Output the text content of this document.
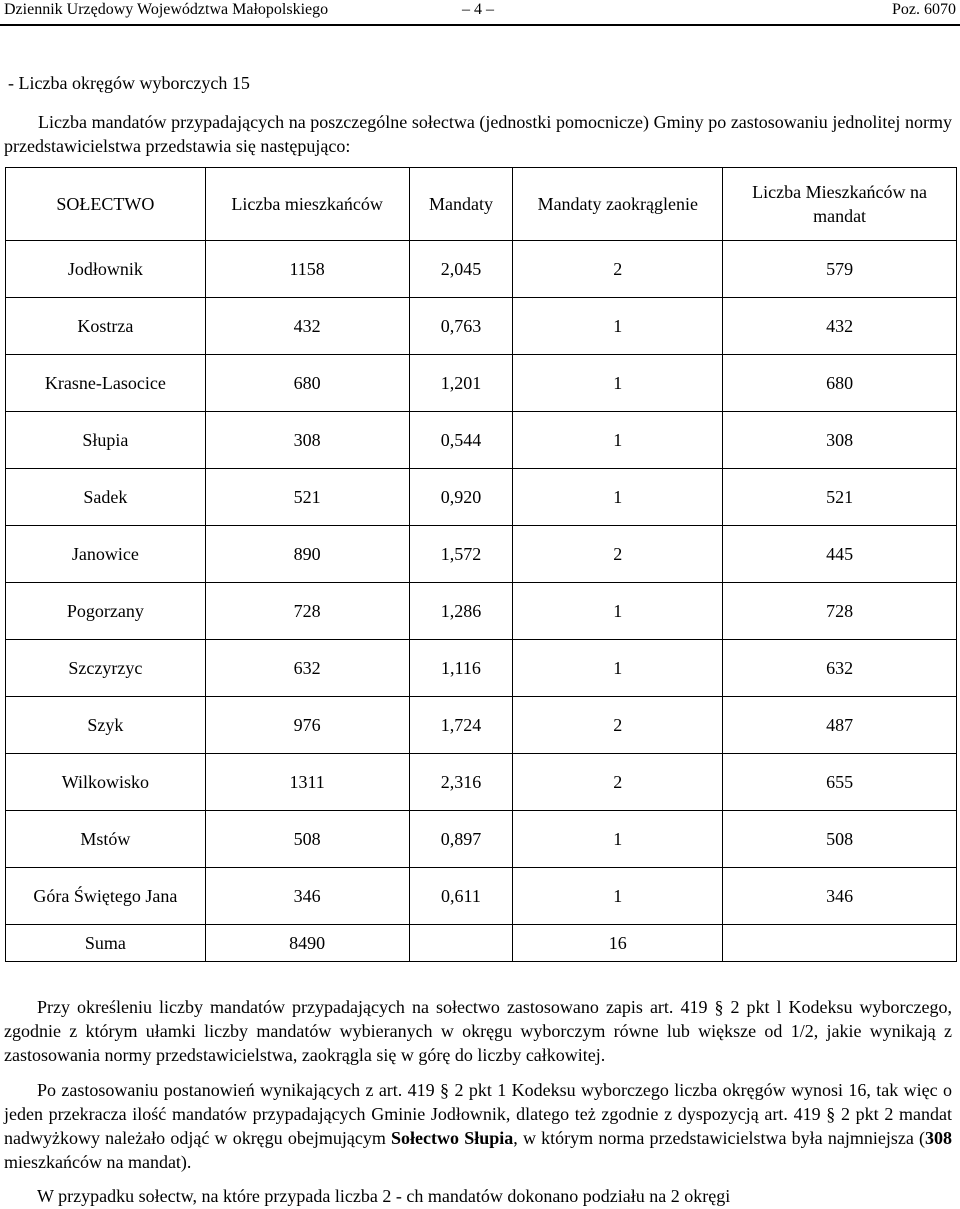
Dziennik Urzędowy Województwa Małopolskiego	– 4 –	Poz. 6070
- Liczba okręgów wyborczych 15
Liczba mandatów przypadających na poszczególne sołectwa (jednostki pomocnicze) Gminy po zastosowaniu jednolitej normy przedstawicielstwa przedstawia się następująco:
SOŁECTWO	Liczba mieszkańców	Mandaty	Mandaty zaokrąglenie	Liczba Mieszkańców na mandat
Jodłownik	1158	2,045	2	579
Kostrza	432	0,763	1	432
Krasne-Lasocice	680	1,201	1	680
Słupia	308	0,544	1	308
Sadek	521	0,920	1	521
Janowice	890	1,572	2	445
Pogorzany	728	1,286	1	728
Szczyrzyc	632	1,116	1	632
Szyk	976	1,724	2	487
Wilkowisko	1311	2,316	2	655
Mstów	508	0,897	1	508
Góra Świętego Jana	346	0,611	1	346
Suma	8490		16	
Przy określeniu liczby mandatów przypadających na sołectwo zastosowano zapis art. 419 § 2 pkt l Kodeksu wyborczego, zgodnie z którym ułamki liczby mandatów wybieranych w okręgu wyborczym równe lub większe od 1/2, jakie wynikają z zastosowania normy przedstawicielstwa, zaokrągla się w górę do liczby całkowitej.
Po zastosowaniu postanowień wynikających z art. 419 § 2 pkt 1 Kodeksu wyborczego liczba okręgów wynosi 16, tak więc o jeden przekracza ilość mandatów przypadających Gminie Jodłownik, dlatego też zgodnie z dyspozycją art. 419 § 2 pkt 2 mandat nadwyżkowy należało odjąć w okręgu obejmującym Sołectwo Słupia, w którym norma przedstawicielstwa była najmniejsza (308 mieszkańców na mandat).
W przypadku sołectw, na które przypada liczba 2 - ch mandatów dokonano podziału na 2 okręgi
